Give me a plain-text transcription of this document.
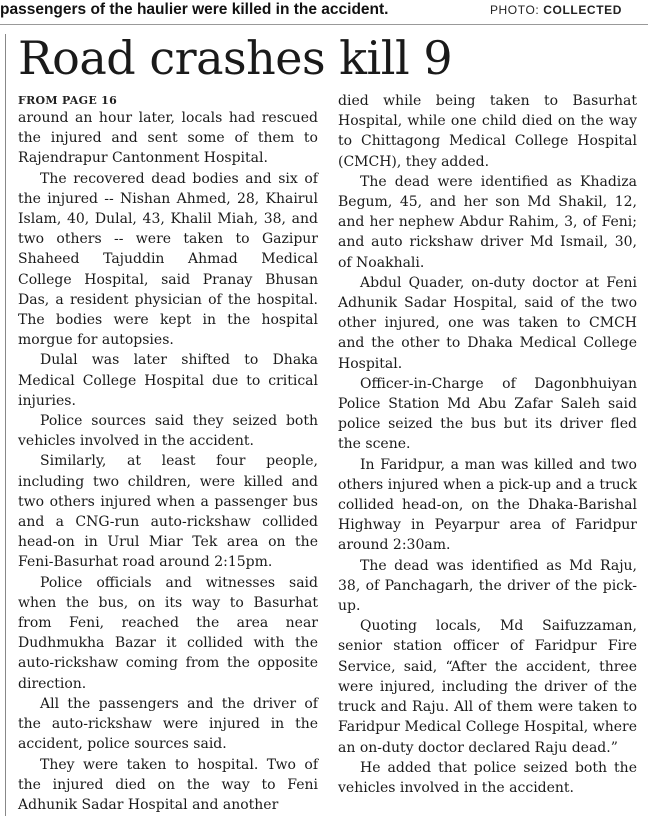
passengers of the haulier were killed in the accident.	PHOTO: COLLECTED
Road crashes kill 9
FROM PAGE 16

around an hour later, locals had rescued the injured and sent some of them to Rajendrapur Cantonment Hospital.

The recovered dead bodies and six of the injured -- Nishan Ahmed, 28, Khairul Islam, 40, Dulal, 43, Khalil Miah, 38, and two others -- were taken to Gazipur Shaheed Tajuddin Ahmad Medical College Hospital, said Pranay Bhusan Das, a resident physician of the hospital. The bodies were kept in the hospital morgue for autopsies.

Dulal was later shifted to Dhaka Medical College Hospital due to critical injuries.

Police sources said they seized both vehicles involved in the accident.

Similarly, at least four people, including two children, were killed and two others injured when a passenger bus and a CNG-run auto-rickshaw collided head-on in Urul Miar Tek area on the Feni-Basurhat road around 2:15pm.

Police officials and witnesses said when the bus, on its way to Basurhat from Feni, reached the area near Dudhmukha Bazar it collided with the auto-rickshaw coming from the opposite direction.

All the passengers and the driver of the auto-rickshaw were injured in the accident, police sources said.

They were taken to hospital. Two of the injured died on the way to Feni Adhunik Sadar Hospital and another

died while being taken to Basurhat Hospital, while one child died on the way to Chittagong Medical College Hospital (CMCH), they added.

The dead were identified as Khadiza Begum, 45, and her son Md Shakil, 12, and her nephew Abdur Rahim, 3, of Feni; and auto rickshaw driver Md Ismail, 30, of Noakhali.

Abdul Quader, on-duty doctor at Feni Adhunik Sadar Hospital, said of the two other injured, one was taken to CMCH and the other to Dhaka Medical College Hospital.

Officer-in-Charge of Dagonbhuiyan Police Station Md Abu Zafar Saleh said police seized the bus but its driver fled the scene.

In Faridpur, a man was killed and two others injured when a pick-up and a truck collided head-on, on the Dhaka-Barishal Highway in Peyarpur area of Faridpur around 2:30am.

The dead was identified as Md Raju, 38, of Panchagarh, the driver of the pick-up.

Quoting locals, Md Saifuzzaman, senior station officer of Faridpur Fire Service, said, “After the accident, three were injured, including the driver of the truck and Raju. All of them were taken to Faridpur Medical College Hospital, where an on-duty doctor declared Raju dead.”

He added that police seized both the vehicles involved in the accident.
